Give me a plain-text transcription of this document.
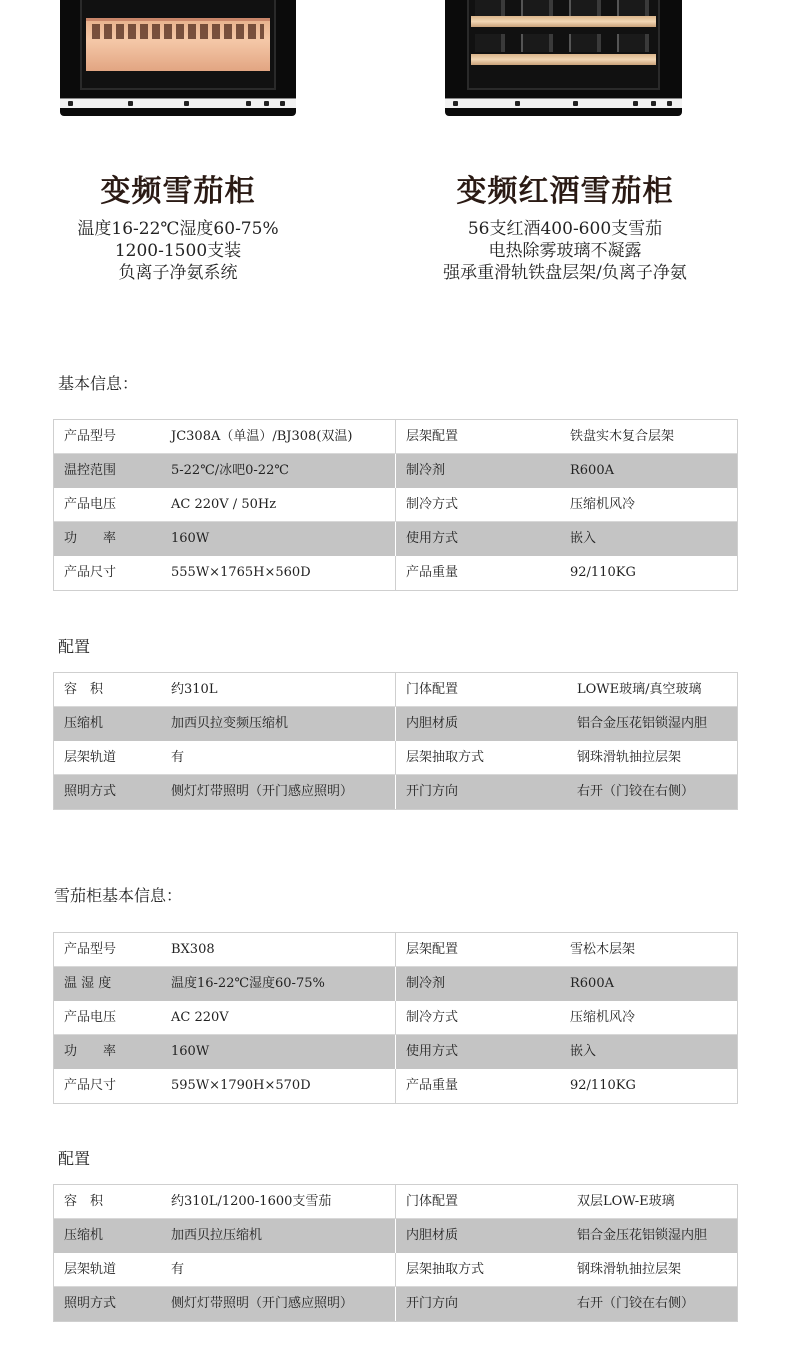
变频雪茄柜
温度16-22℃湿度60-75%
1200-1500支装
负离子净氨系统
变频红酒雪茄柜
56支红酒400-600支雪茄
电热除雾玻璃不凝露
强承重滑轨铁盘层架/负离子净氨
基本信息：
产品型号	JC308A（单温）/BJ308(双温)	层架配置	铁盘实木复合层架
温控范围	5-22℃/冰吧0-22℃	制冷剂	R600A
产品电压	AC 220V / 50Hz	制冷方式	压缩机风冷
功　　率	160W	使用方式	嵌入
产品尺寸	555W×1765H×560D	产品重量	92/110KG
配置
容　积	约310L	门体配置	LOWE玻璃/真空玻璃
压缩机	加西贝拉变频压缩机	内胆材质	铝合金压花铝锁湿内胆
层架轨道	有	层架抽取方式	钢珠滑轨抽拉层架
照明方式	侧灯灯带照明（开门感应照明）	开门方向	右开（门铰在右侧）
雪茄柜基本信息：
产品型号	BX308	层架配置	雪松木层架
温 湿 度	温度16-22℃湿度60-75%	制冷剂	R600A
产品电压	AC 220V	制冷方式	压缩机风冷
功　　率	160W	使用方式	嵌入
产品尺寸	595W×1790H×570D	产品重量	92/110KG
配置
容　积	约310L/1200-1600支雪茄	门体配置	双层LOW-E玻璃
压缩机	加西贝拉压缩机	内胆材质	铝合金压花铝锁湿内胆
层架轨道	有	层架抽取方式	钢珠滑轨抽拉层架
照明方式	侧灯灯带照明（开门感应照明）	开门方向	右开（门铰在右侧）
